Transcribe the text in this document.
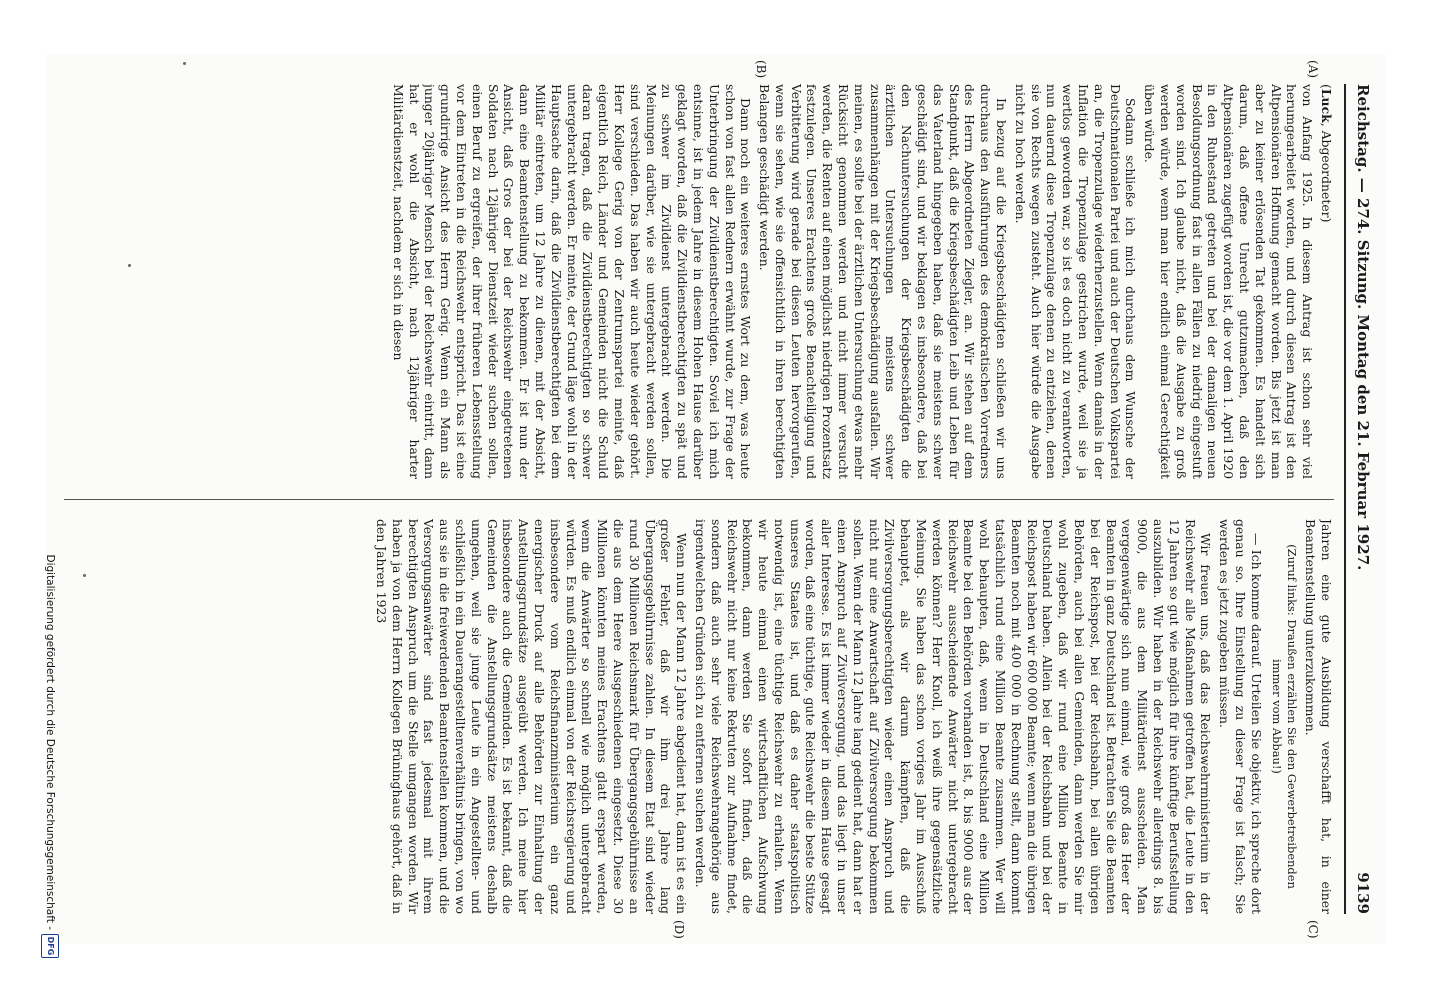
Reichstag. — 274. Sitzung. Montag den 21. Februar 1927.
9139
(A)
(B)
(C)
(D)

(Luck, Abgeordneter)

von Anfang 1925. In diesem Antrag ist schon sehr viel herumgearbeitet worden, und durch diesen Antrag ist den Altpensionären Hoffnung gemacht worden. Bis jetzt ist man aber zu keiner erlösenden Tat gekommen. Es handelt sich darum, daß offene Unrecht gutzumachen, daß den Altpensionären zugefügt worden ist, die vor dem 1. April 1920 in den Ruhestand getreten und bei der damaligen neuen Besoldungsordnung fast in allen Fällen zu niedrig eingestuft worden sind. Ich glaube nicht, daß die Ausgabe zu groß werden würde, wenn man hier endlich einmal Gerechtigkeit üben würde.

Sodann schließe ich mich durchaus dem Wunsche der Deutschnationalen Partei und auch der Deutschen Volkspartei an, die Tropenzulage wiederherzustellen. Wenn damals in der Inflation die Tropenzulage gestrichen wurde, weil sie ja wertlos geworden war, so ist es doch nicht zu verantworten, nun dauernd diese Tropenzulage denen zu entziehen, denen sie von Rechts wegen zusteht. Auch hier würde die Ausgabe nicht zu hoch werden.

In bezug auf die Kriegsbeschädigten schließen wir uns durchaus den Ausführungen des demokratischen Vorredners des Herrn Abgeordneten Ziegler, an. Wir stehen auf dem Standpunkt, daß die Kriegsbeschädigten Leib und Leben für das Vaterland hingegeben haben, daß sie meistens schwer geschädigt sind, und wir beklagen es insbesondere, daß bei den Nachuntersuchungen der Kriegsbeschädigten die ärztlichen Untersuchungen meistens schwer zusammenhängen mit der Kriegsbeschädigung ausfallen. Wir meinen, es sollte bei der ärztlichen Untersuchung etwas mehr Rücksicht genommen werden und nicht immer versucht werden, die Renten auf einen möglichst niedrigen Prozentsatz festzulegen. Unseres Erachtens große Benachteiligung und Verbitterung wird gerade bei diesen Leuten hervorgerufen, wenn sie sehen, wie sie offensichtlich in ihren berechtigten Belangen geschädigt werden.

Dann noch ein weiteres ernstes Wort zu dem, was heute schon von fast allen Rednern erwähnt wurde, zur Frage der Unterbringung der Zivildienstberechtigten. Soviel ich mich entsinne, ist in jedem Jahre in diesem Hohen Hause darüber geklagt worden, daß die Zivildienstberechtigten zu spät und zu schwer im Zivildienst untergebracht werden. Die Meinungen darüber, wie sie untergebracht werden sollen, sind verschieden. Das haben wir auch heute wieder gehört. Herr Kollege Gerig von der Zentrumspartei meinte, daß eigentlich Reich, Länder und Gemeinden nicht die Schuld daran tragen, daß die Zivildienstberechtigten so schwer untergebracht werden. Er meinte, der Grund läge wohl in der Hauptsache darin, daß die Zivildienstberechtigten bei dem Militär eintreten, um 12 Jahre zu dienen, mit der Absicht, dann eine Beamtenstellung zu bekommen. Er ist nun der Ansicht, daß Gros der bei der Reichswehr eingetretenen Soldaten nach 12jähriger Dienstzeit wieder suchen sollen, einen Beruf zu ergreifen, der ihrer früheren Lebensstellung vor dem Eintreten in die Reichswehr entspricht. Das ist eine grundirrige Ansicht des Herrn Gerig. Wenn ein Mann als junger 20jähriger Mensch bei der Reichswehr eintritt, dann hat er wohl die Absicht, nach 12jähriger harter Militärdienstzeit, nachdem er sich in diesen

Jahren eine gute Ausbildung verschafft hat, in einer Beamtenstellung unterzukommen.

(Zuruf links: Draußen erzählen Sie den Gewerbetreibenden immer vom Abbau!)

— Ich komme darauf. Urteilen Sie objektiv, ich spreche dort genau so. Ihre Einstellung zu dieser Frage ist falsch; Sie werden es jetzt zugeben müssen.

Wir freuen uns, daß das Reichswehrministerium in der Reichswehr alle Maßnahmen getroffen hat, die Leute in den 12 Jahren so gut wie möglich für ihre künftige Berufsstellung auszubilden. Wir haben in der Reichswehr allerdings 8. bis 9000, die aus dem Militärdienst ausscheiden. Man vergegenwärtige sich nun einmal, wie groß das Heer der Beamten in ganz Deutschland ist. Betrachten Sie die Beamten bei der Reichspost, bei der Reichsbahn, bei allen übrigen Behörden, auch bei allen Gemeinden, dann werden Sie mir wohl zugeben, daß wir rund eine Million Beamte in Deutschland haben. Allein bei der Reichsbahn und bei der Reichspost haben wir 600 000 Beamte; wenn man die übrigen Beamten noch mit 400 000 in Rechnung stellt, dann kommt tatsächlich rund eine Million Beamte zusammen. Wer will wohl behaupten, daß, wenn in Deutschland eine Million Beamte bei den Behörden vorhanden ist, 8. bis 9000 aus der Reichswehr ausscheidende Anwärter nicht untergebracht werden können? Herr Knoll, ich weiß ihre gegensätzliche Meinung. Sie haben das schon voriges Jahr im Ausschuß behauptet, als wir darum kämpften, daß die Zivilversorgungsberechtigten wieder einen Anspruch und nicht nur eine Anwartschaft auf Zivilversorgung bekommen sollen. Wenn der Mann 12 Jahre lang gedient hat, dann hat er einen Anspruch auf Zivilversorgung, und das liegt in unser aller Interesse. Es ist immer wieder in diesem Hause gesagt worden, daß eine tüchtige, gute Reichswehr die beste Stütze unseres Staates ist, und daß es daher staatspolitisch notwendig ist, eine tüchtige Reichswehr zu erhalten. Wenn wir heute einmal einen wirtschaftlichen Aufschwung bekommen, dann werden Sie sofort finden, daß die Reichswehr nicht nur keine Rekruten zur Aufnahme findet, sondern daß auch sehr viele Reichswehrangehörige aus irgendwelchen Gründen sich zu entfernen suchen werden.

Wenn nun der Mann 12 Jahre abgedient hat, dann ist es ein großer Fehler, daß wir ihm drei Jahre lang Übergangsgebührnisse zahlen. In diesem Etat sind wieder rund 30 Millionen Reichsmark für Übergangsgebührnisse an die aus dem Heere Ausgeschiedenen eingesetzt. Diese 30 Millionen könnten meines Erachtens glatt erspart werden, wenn die Anwärter so schnell wie möglich untergebracht würden. Es muß endlich einmal von der Reichsregierung und insbesondere vom Reichsfinanzministerium ein ganz energischer Druck auf alle Behörden zur Einhaltung der Anstellungsgrundsätze ausgeübt werden. Ich meine hier insbesondere auch die Gemeinden. Es ist bekannt, daß die Gemeinden die Anstellungsgrundsätze meistens deshalb umgehen, weil sie junge Leute in ein Angestellten- und schließlich in ein Dauerangestelltenverhältnis bringen, von wo aus sie in die freiwerdenden Beamtenstellen kommen, und die Versorgungsanwärter sind fast jedesmal mit ihrem berechtigten Anspruch um die Stelle umgangen worden. Wir haben ja von dem Herrn Kollegen Brüninghaus gehört, daß in den Jahren 1923

Digitalisierung gefördert durch die Deutsche Forschungsgemeinschaft -
DFG
